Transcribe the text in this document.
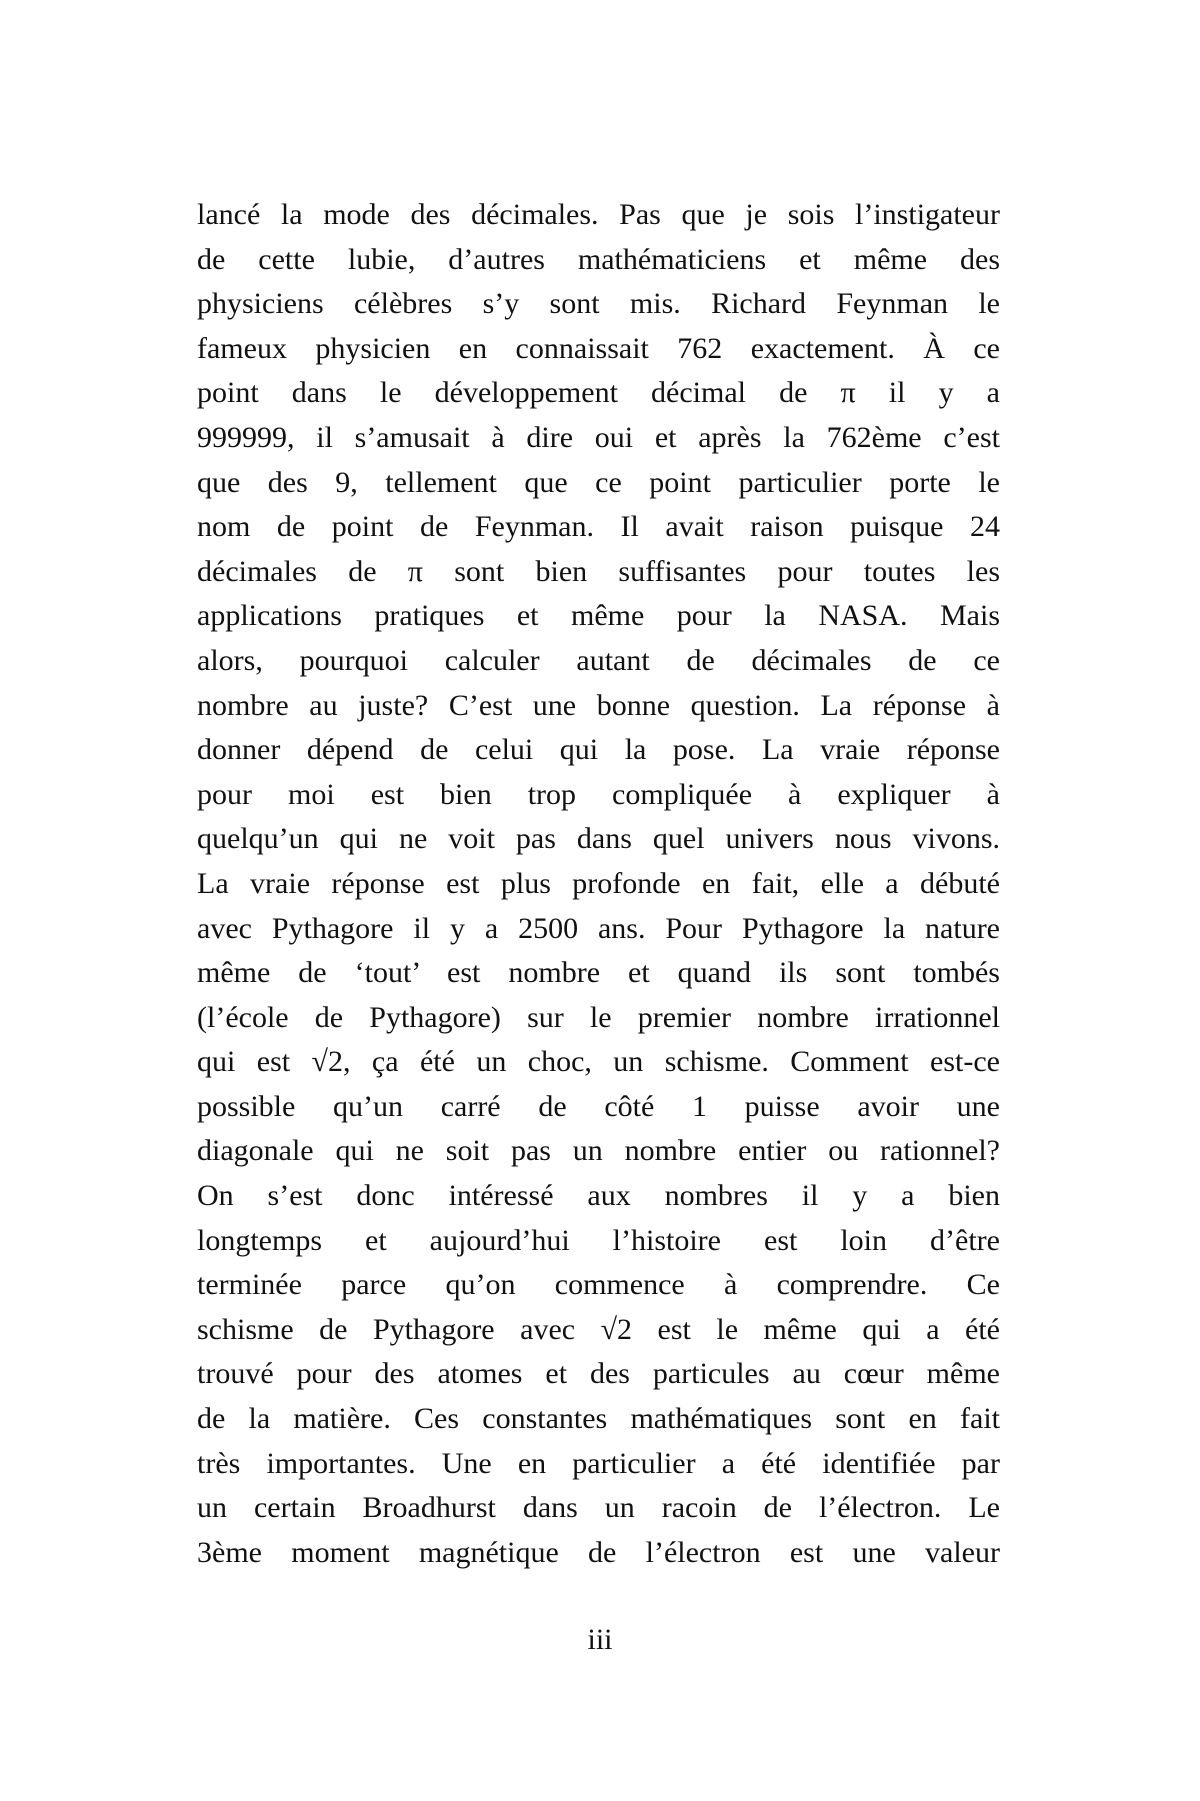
lancé la mode des décimales. Pas que je sois l’instigateur
de cette lubie, d’autres mathématiciens et même des
physiciens célèbres s’y sont mis. Richard Feynman le
fameux physicien en connaissait 762 exactement. À ce
point dans le développement décimal de π il y a
999999, il s’amusait à dire oui et après la 762ème c’est
que des 9, tellement que ce point particulier porte le
nom de point de Feynman. Il avait raison puisque 24
décimales de π sont bien suffisantes pour toutes les
applications pratiques et même pour la NASA. Mais
alors, pourquoi calculer autant de décimales de ce
nombre au juste? C’est une bonne question. La réponse à
donner dépend de celui qui la pose. La vraie réponse
pour moi est bien trop compliquée à expliquer à
quelqu’un qui ne voit pas dans quel univers nous vivons.
La vraie réponse est plus profonde en fait, elle a débuté
avec Pythagore il y a 2500 ans. Pour Pythagore la nature
même de ‘tout’ est nombre et quand ils sont tombés
(l’école de Pythagore) sur le premier nombre irrationnel
qui est √2, ça été un choc, un schisme. Comment est-ce
possible qu’un carré de côté 1 puisse avoir une
diagonale qui ne soit pas un nombre entier ou rationnel?
On s’est donc intéressé aux nombres il y a bien
longtemps et aujourd’hui l’histoire est loin d’être
terminée parce qu’on commence à comprendre. Ce
schisme de Pythagore avec √2 est le même qui a été
trouvé pour des atomes et des particules au cœur même
de la matière. Ces constantes mathématiques sont en fait
très importantes. Une en particulier a été identifiée par
un certain Broadhurst dans un racoin de l’électron. Le
3ème moment magnétique de l’électron est une valeur
iii
